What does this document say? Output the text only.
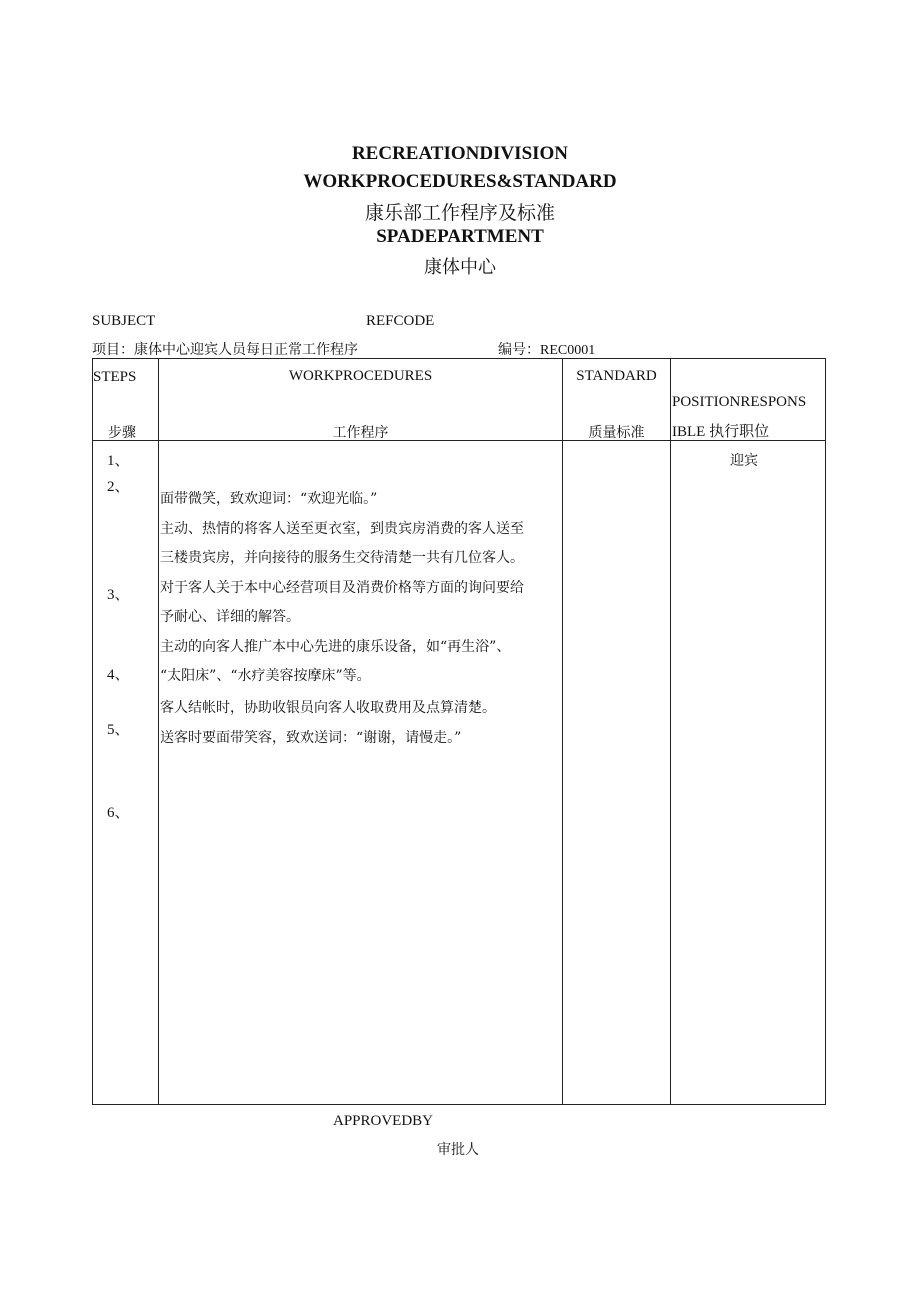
RECREATIONDIVISION
WORKPROCEDURES&STANDARD
康乐部工作程序及标准
SPADEPARTMENT
康体中心
SUBJECT	REFCODE
项目：康体中心迎宾人员每日正常工作程序	编号：REC0001
STEPS
步骤
WORKPROCEDURES
工作程序
STANDARD
质量标准
POSITIONRESPONS
IBLE 执行职位
1、
2、
3、
4、
5、
6、
面带微笑，致欢迎词：“欢迎光临。”
主动、热情的将客人送至更衣室，到贵宾房消费的客人送至
三楼贵宾房，并向接待的服务生交待清楚一共有几位客人。
对于客人关于本中心经营项目及消费价格等方面的询问要给
予耐心、详细的解答。
主动的向客人推广本中心先进的康乐设备，如“再生浴”、
“太阳床”、“水疗美容按摩床”等。
客人结帐时，协助收银员向客人收取费用及点算清楚。
送客时要面带笑容，致欢送词：“谢谢，请慢走。”
迎宾
APPROVEDBY
审批人
